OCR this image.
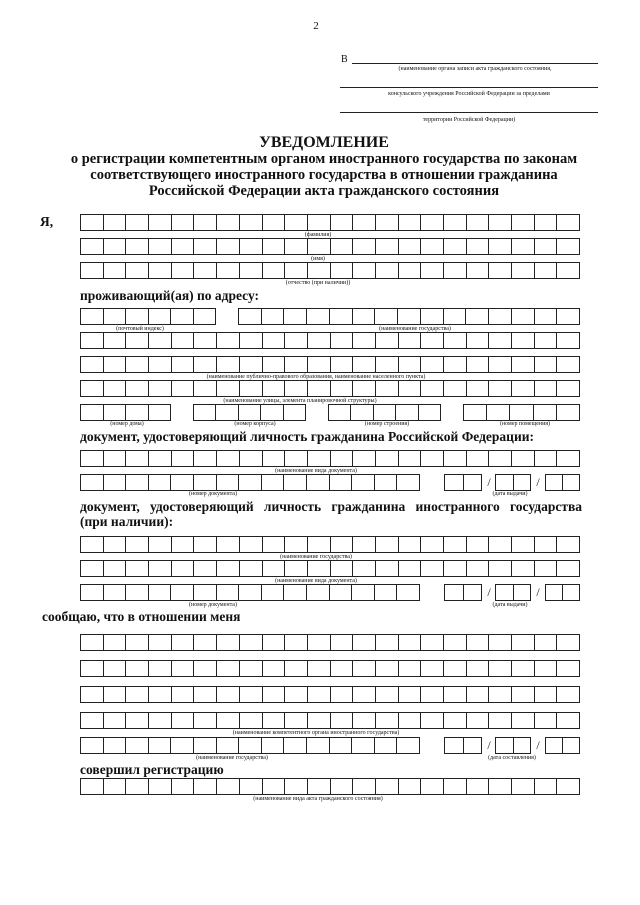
2
В
(наименование органа записи акта гражданского состояния,
консульского учреждения Российской Федерации за пределами
территории Российской Федерации)
УВЕДОМЛЕНИЕ
о регистрации компетентным органом иностранного государства по законам
соответствующего иностранного государства в отношении гражданина
Российской Федерации акта гражданского состояния
Я,
(фамилия)
(имя)
(отчество (при наличии))
проживающий(ая) по адресу:
(почтовый индекс)	(наименование государства)
(наименование публично-правового образования, наименование населенного пункта)
(наименование улицы, элемента планировочной структуры)
(номер дома)	(номер корпуса)	(номер строения)	(номер помещения)
документ, удостоверяющий личность гражданина Российской Федерации:
(наименование вида документа)
/	/
(номер документа)	(дата выдачи)
документ, удостоверяющий личность гражданина иностранного государства
(при наличии):
(наименование государства)
(наименование вида документа)
/	/
(номер документа)	(дата выдачи)
сообщаю, что в отношении меня
(наименование компетентного органа иностранного государства)
/	/
(наименование государства)	(дата составления)
совершил регистрацию
(наименование вида акта гражданского состояния)
